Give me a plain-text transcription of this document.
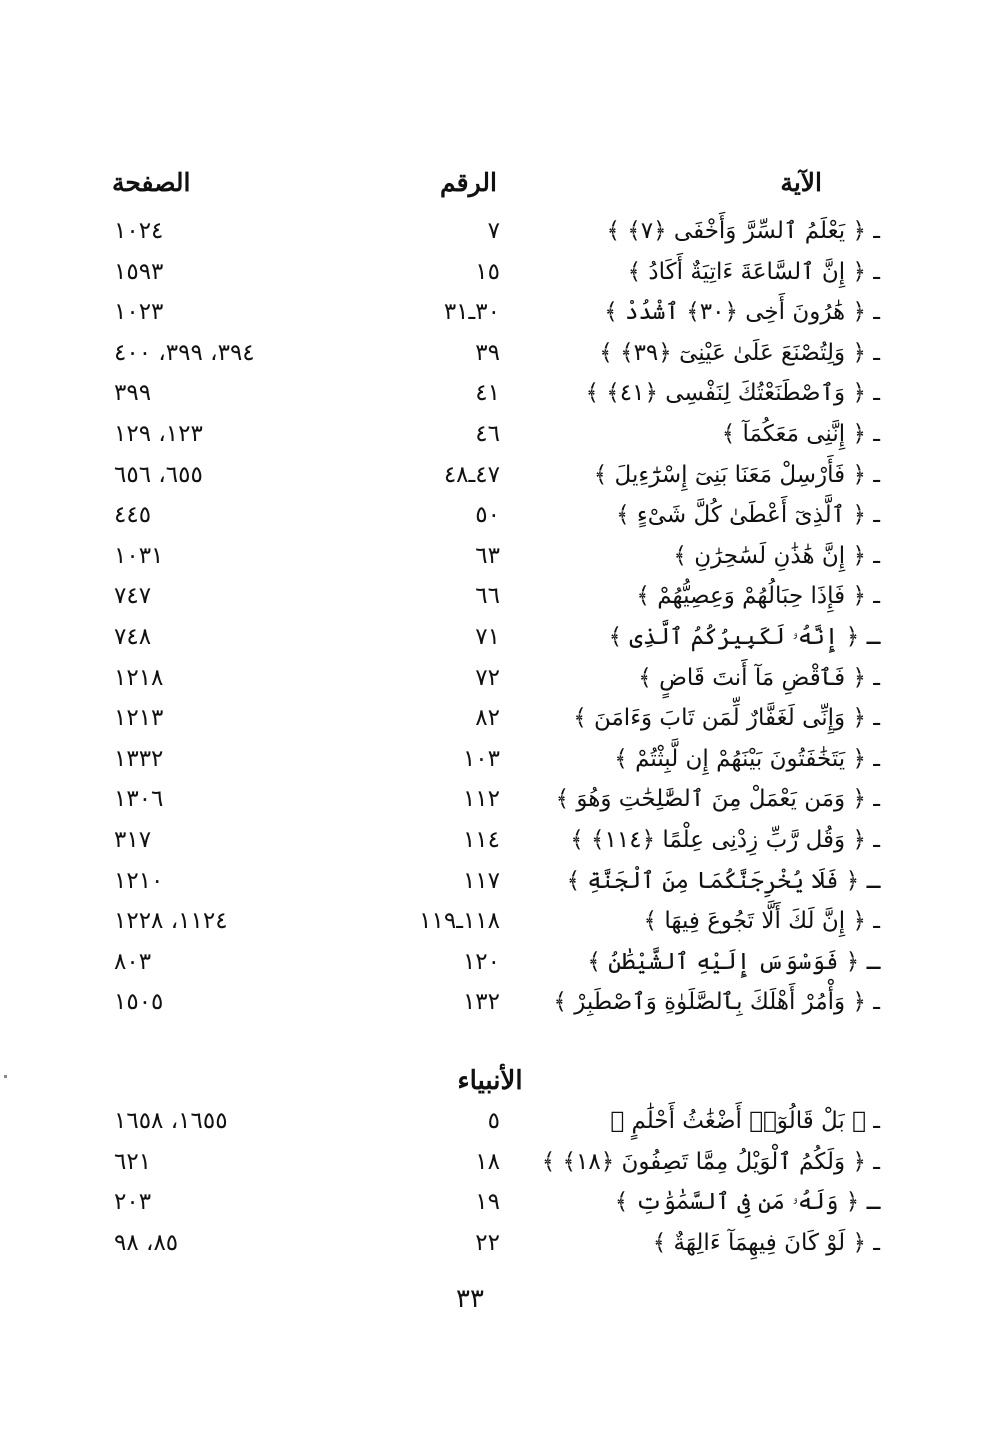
الآية
الرقم
الصفحة
ـ ﴿ يَعْلَمُ ٱلسِّرَّ وَأَخْفَى ﴿٧﴾ ﴾
٧
١٠٢٤
ـ ﴿ إِنَّ ٱلسَّاعَةَ ءَاتِيَةٌ أَكَادُ ﴾
١٥
١٥٩٣
ـ ﴿ هَٰرُونَ أَخِى ﴿٣٠﴾ ٱشْدُدْ ﴾
٣٠ـ٣١
١٠٢٣
ـ ﴿ وَلِتُصْنَعَ عَلَىٰ عَيْنِىٓ ﴿٣٩﴾ ﴾
٣٩
٣٩٤، ٣٩٩، ٤٠٠
ـ ﴿ وَٱصْطَنَعْتُكَ لِنَفْسِى ﴿٤١﴾ ﴾
٤١
٣٩٩
ـ ﴿ إِنَّنِى مَعَكُمَآ ﴾
٤٦
١٢٣، ١٢٩
ـ ﴿ فَأَرْسِلْ مَعَنَا بَنِىٓ إِسْرَٰٓءِيلَ ﴾
٤٧ـ٤٨
٦٥٥، ٦٥٦
ـ ﴿ ٱلَّذِىٓ أَعْطَىٰ كُلَّ شَىْءٍ ﴾
٥٠
٤٤٥
ـ ﴿ إِنَّ هَٰذَٰنِ لَسَٰحِرَٰنِ ﴾
٦٣
١٠٣١
ـ ﴿ فَإِذَا حِبَالُهُمْ وَعِصِيُّهُمْ ﴾
٦٦
٧٤٧
ـ ﴿ إِنَّهُۥ لَكَبِيرُكُمُ ٱلَّذِى ﴾
٧١
٧٤٨
ـ ﴿ فَٱقْضِ مَآ أَنتَ قَاضٍ ﴾
٧٢
١٢١٨
ـ ﴿ وَإِنِّى لَغَفَّارٌ لِّمَن تَابَ وَءَامَنَ ﴾
٨٢
١٢١٣
ـ ﴿ يَتَخَٰفَتُونَ بَيْنَهُمْ إِن لَّبِثْتُمْ ﴾
١٠٣
١٣٣٢
ـ ﴿ وَمَن يَعْمَلْ مِنَ ٱلصَّٰلِحَٰتِ وَهُوَ ﴾
١١٢
١٣٠٦
ـ ﴿ وَقُل رَّبِّ زِدْنِى عِلْمًا ﴿١١٤﴾ ﴾
١١٤
٣١٧
ـ ﴿ فَلَا يُخْرِجَنَّكُمَا مِنَ ٱلْجَنَّةِ ﴾
١١٧
١٢١٠
ـ ﴿ إِنَّ لَكَ أَلَّا تَجُوعَ فِيهَا ﴾
١١٨ـ١١٩
١١٢٤، ١٢٢٨
ـ ﴿ فَوَسْوَسَ إِلَيْهِ ٱلشَّيْطَٰنُ ﴾
١٢٠
٨٠٣
ـ ﴿ وَأْمُرْ أَهْلَكَ بِٱلصَّلَوٰةِ وَٱصْطَبِرْ ﴾
١٣٢
١٥٠٥
الأنبياء
ـ ﴿ بَلْ قَالُوٓا۟ أَضْغَٰثُ أَحْلَٰمٍ ﴾
٥
١٦٥٥، ١٦٥٨
ـ ﴿ وَلَكُمُ ٱلْوَيْلُ مِمَّا تَصِفُونَ ﴿١٨﴾ ﴾
١٨
٦٢١
ـ ﴿ وَلَهُۥ مَن فِى ٱلسَّمَٰوَٰتِ ﴾
١٩
٢٠٣
ـ ﴿ لَوْ كَانَ فِيهِمَآ ءَالِهَةٌ ﴾
٢٢
٨٥، ٩٨
٣٣
